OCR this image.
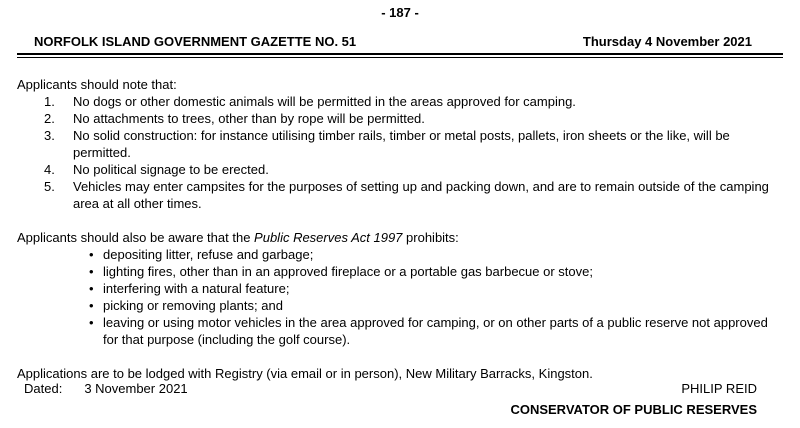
- 187 -
NORFOLK ISLAND GOVERNMENT GAZETTE NO. 51	Thursday 4 November 2021

Applicants should note that:

1.	No dogs or other domestic animals will be permitted in the areas approved for camping.
2.	No attachments to trees, other than by rope will be permitted.
3.	No solid construction: for instance utilising timber rails, timber or metal posts, pallets, iron sheets or the like, will be permitted.
4.	No political signage to be erected.
5.	Vehicles may enter campsites for the purposes of setting up and packing down, and are to remain outside of the camping area at all other times.

Applicants should also be aware that the Public Reserves Act 1997 prohibits:

• depositing litter, refuse and garbage;
• lighting fires, other than in an approved fireplace or a portable gas barbecue or stove;
• interfering with a natural feature;
• picking or removing plants; and
• leaving or using motor vehicles in the area approved for camping, or on other parts of a public reserve not approved for that purpose (including the golf course).

Applications are to be lodged with Registry (via email or in person), New Military Barracks, Kingston.

Dated: 3 November 2021	PHILIP REID
CONSERVATOR OF PUBLIC RESERVES
